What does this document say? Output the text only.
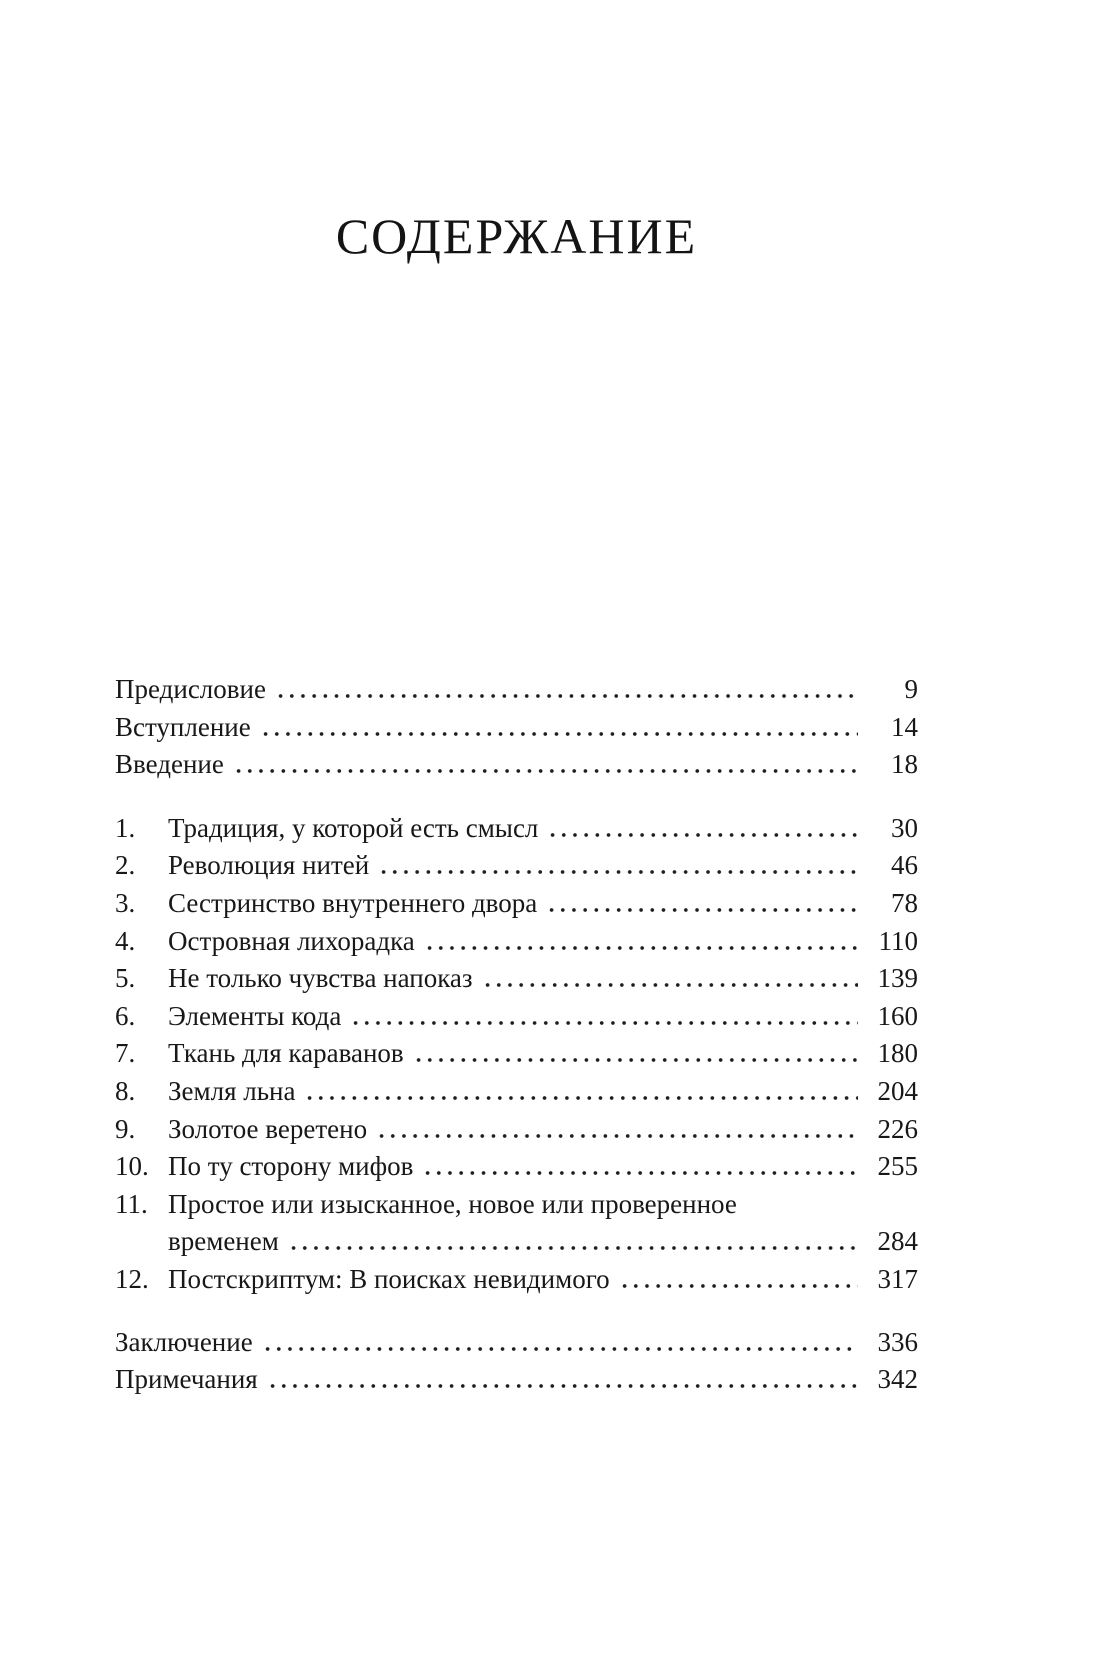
СОДЕРЖАНИЕ
Предисловие	9
Вступление	14
Введение	18
1.	Традиция, у которой есть смысл	30
2.	Революция нитей	46
3.	Сестринство внутреннего двора	78
4.	Островная лихорадка	110
5.	Не только чувства напоказ	139
6.	Элементы кода	160
7.	Ткань для караванов	180
8.	Земля льна	204
9.	Золотое веретено	226
10. По ту сторону мифов	255
11. Простое или изысканное, новое или проверенное
временем	284
12. Постскриптум: В поисках невидимого	317
Заключение	336
Примечания	342
